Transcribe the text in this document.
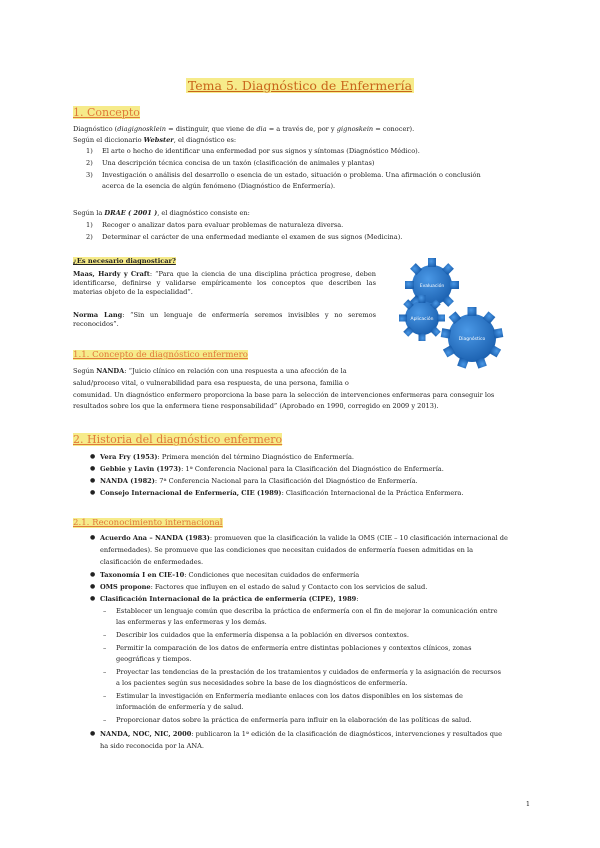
Tema 5. Diagnóstico de Enfermería
1. Concepto
Diagnóstico (diagignosklein = distinguir, que viene de dia = a través de, por y gignoskein = conocer).
Según el diccionario Webster, el diagnóstico es:
1) El arte o hecho de identificar una enfermedad por sus signos y síntomas (Diagnóstico Médico).
2) Una descripción técnica concisa de un taxón (clasificación de animales y plantas)
3) Investigación o análisis del desarrollo o esencia de un estado, situación o problema. Una afirmación o conclusión
acerca de la esencia de algún fenómeno (Diagnóstico de Enfermería).
Según la DRAE ( 2001 ), el diagnóstico consiste en:
1) Recoger o analizar datos para evaluar problemas de naturaleza diversa.
2) Determinar el carácter de una enfermedad mediante el examen de sus signos (Medicina).
¿Es necesario diagnosticar?
Maas, Hardy y Craft: “Para que la ciencia de una disciplina práctica progrese, deben identificarse, definirse y validarse empíricamente los conceptos que describen las materias objeto de la especialidad”.
Norma Lang: “Sin un lenguaje de enfermería seremos invisibles y no seremos reconocidos”.
Evaluación
Aplicación
Diagnóstico
1.1. Concepto de diagnóstico enfermero
Según NANDA: “Juicio clínico en relación con una respuesta a una afección de la
salud/proceso vital, o vulnerabilidad para esa respuesta, de una persona, familia o
comunidad. Un diagnóstico enfermero proporciona la base para la selección de intervenciones enfermeras para conseguir los
resultados sobre los que la enfermera tiene responsabilidad” (Aprobado en 1990, corregido en 2009 y 2013).
2. Historia del diagnóstico enfermero
● Vera Fry (1953): Primera mención del término Diagnóstico de Enfermería.
● Gebbie y Lavin (1973): 1ª Conferencia Nacional para la Clasificación del Diagnóstico de Enfermería.
● NANDA (1982): 7ª Conferencia Nacional para la Clasificación del Diagnóstico de Enfermería.
● Consejo Internacional de Enfermería, CIE (1989): Clasificación Internacional de la Práctica Enfermera.
2.1. Reconocimiento internacional
● Acuerdo Ana – NANDA (1983): promueven que la clasificación la valide la OMS (CIE – 10 clasificación internacional de
enfermedades). Se promueve que las condiciones que necesitan cuidados de enfermería fuesen admitidas en la
clasificación de enfermedades.
● Taxonomía I en CIE-10: Condiciones que necesitan cuidados de enfermería
● OMS propone: Factores que influyen en el estado de salud y Contacto con los servicios de salud.
● Clasificación Internacional de la práctica de enfermería (CIPE), 1989:
– Establecer un lenguaje común que describa la práctica de enfermería con el fin de mejorar la comunicación entre
las enfermeras y las enfermeras y los demás.
– Describir los cuidados que la enfermería dispensa a la población en diversos contextos.
– Permitir la comparación de los datos de enfermería entre distintas poblaciones y contextos clínicos, zonas
geográficas y tiempos.
– Proyectar las tendencias de la prestación de los tratamientos y cuidados de enfermería y la asignación de recursos
a los pacientes según sus necesidades sobre la base de los diagnósticos de enfermería.
– Estimular la investigación en Enfermería mediante enlaces con los datos disponibles en los sistemas de
información de enfermería y de salud.
– Proporcionar datos sobre la práctica de enfermería para influir en la elaboración de las políticas de salud.
● NANDA, NOC, NIC, 2000: publicaron la 1ª edición de la clasificación de diagnósticos, intervenciones y resultados que
ha sido reconocida por la ANA.
1
